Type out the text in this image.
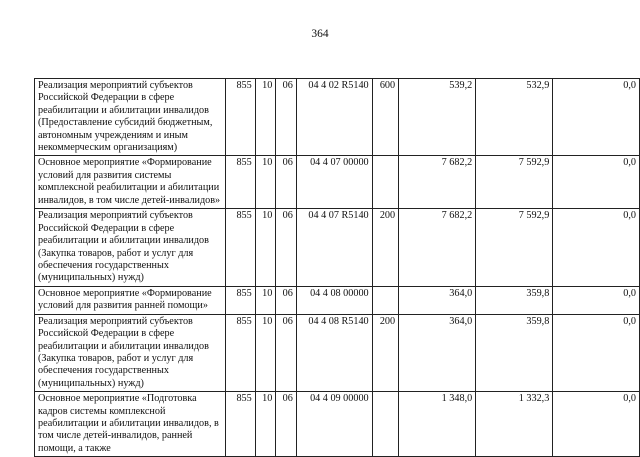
364
Реализация мероприятий субъектов Российской Федерации в сфере реабилитации и абилитации инвалидов (Предоставление субсидий бюджетным, автономным учреждениям и иным некоммерческим организациям)	855	10	06	04 4 02 R5140	600	539,2	532,9	0,0
Основное мероприятие «Формирование условий для развития системы комплексной реабилитации и абилитации инвалидов, в том числе детей-инвалидов»	855	10	06	04 4 07 00000		7 682,2	7 592,9	0,0
Реализация мероприятий субъектов Российской Федерации в сфере реабилитации и абилитации инвалидов (Закупка товаров, работ и услуг для обеспечения государственных (муниципальных) нужд)	855	10	06	04 4 07 R5140	200	7 682,2	7 592,9	0,0
Основное мероприятие «Формирование условий для развития ранней помощи»	855	10	06	04 4 08 00000		364,0	359,8	0,0
Реализация мероприятий субъектов Российской Федерации в сфере реабилитации и абилитации инвалидов (Закупка товаров, работ и услуг для обеспечения государственных (муниципальных) нужд)	855	10	06	04 4 08 R5140	200	364,0	359,8	0,0
Основное мероприятие «Подготовка кадров системы комплексной реабилитации и абилитации инвалидов, в том числе детей-инвалидов, ранней помощи, а также	855	10	06	04 4 09 00000		1 348,0	1 332,3	0,0
